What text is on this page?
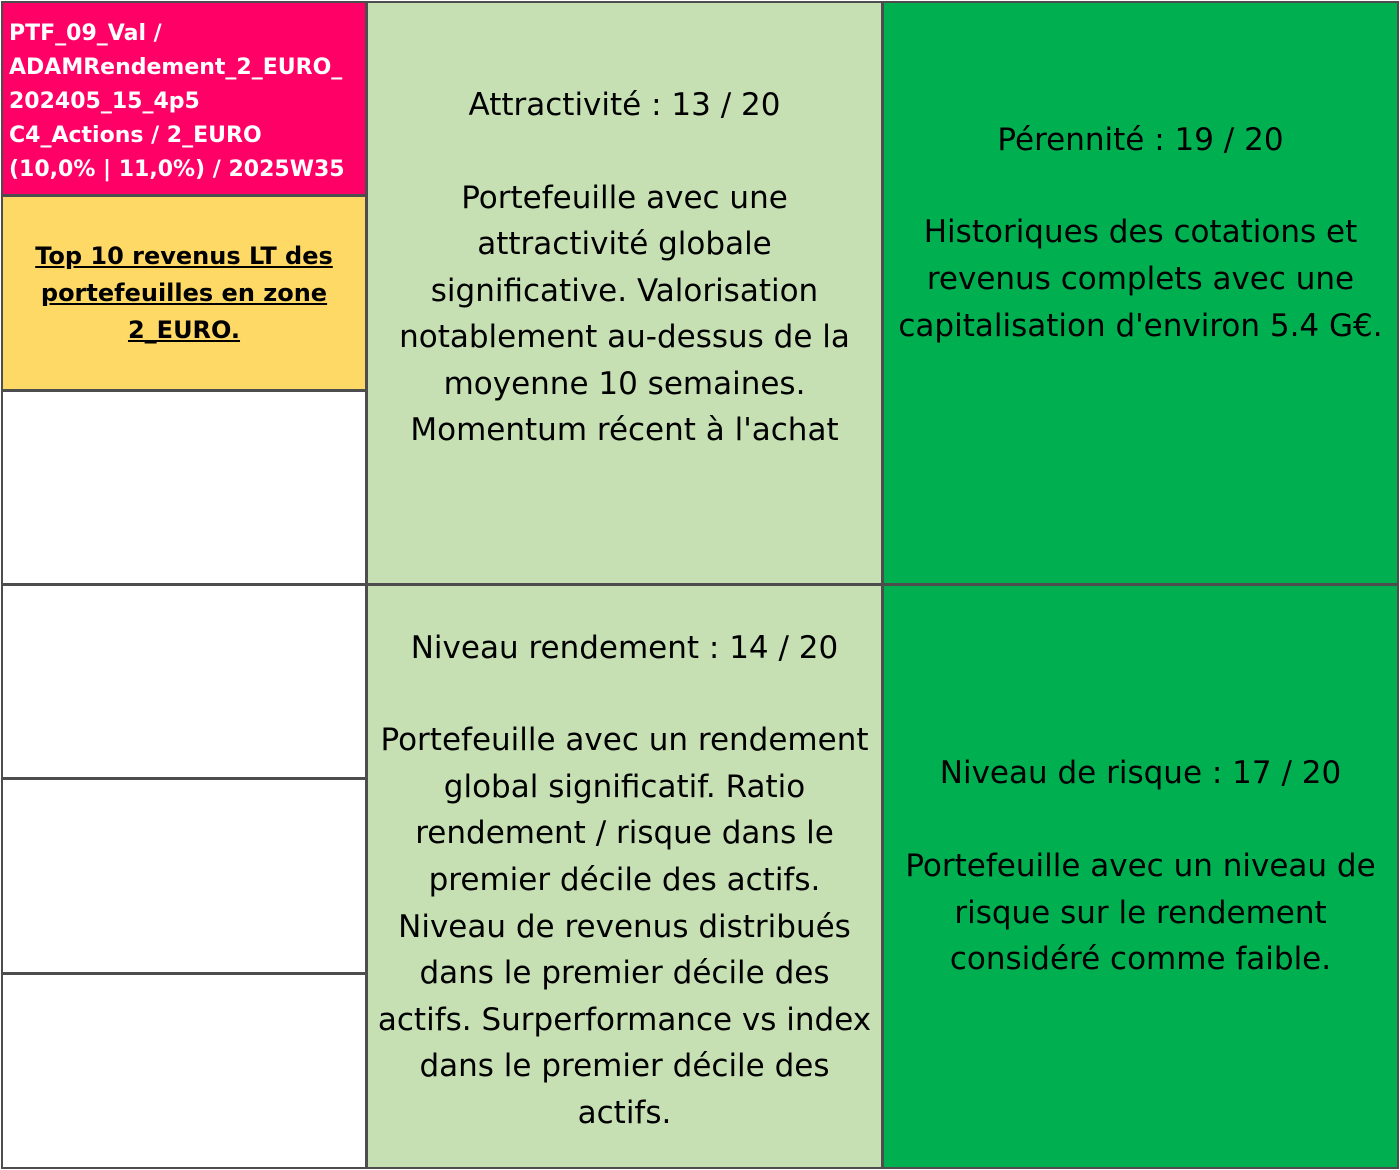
PTF_09_Val /
ADAMRendement_2_EURO_
202405_15_4p5
C4_Actions / 2_EURO
(10,0% | 11,0%) / 2025W35
Top 10 revenus LT des portefeuilles en zone 2_EURO.
Attractivité : 13 / 20
Portefeuille avec une attractivité globale significative. Valorisation notablement au-dessus de la moyenne 10 semaines. Momentum récent à l'achat
Niveau rendement : 14 / 20
Portefeuille avec un rendement global significatif. Ratio rendement / risque dans le premier décile des actifs. Niveau de revenus distribués dans le premier décile des actifs. Surperformance vs index dans le premier décile des actifs.
Pérennité : 19 / 20
Historiques des cotations et revenus complets avec une capitalisation d'environ 5.4 G€.
Niveau de risque : 17 / 20
Portefeuille avec un niveau de risque sur le rendement considéré comme faible.
